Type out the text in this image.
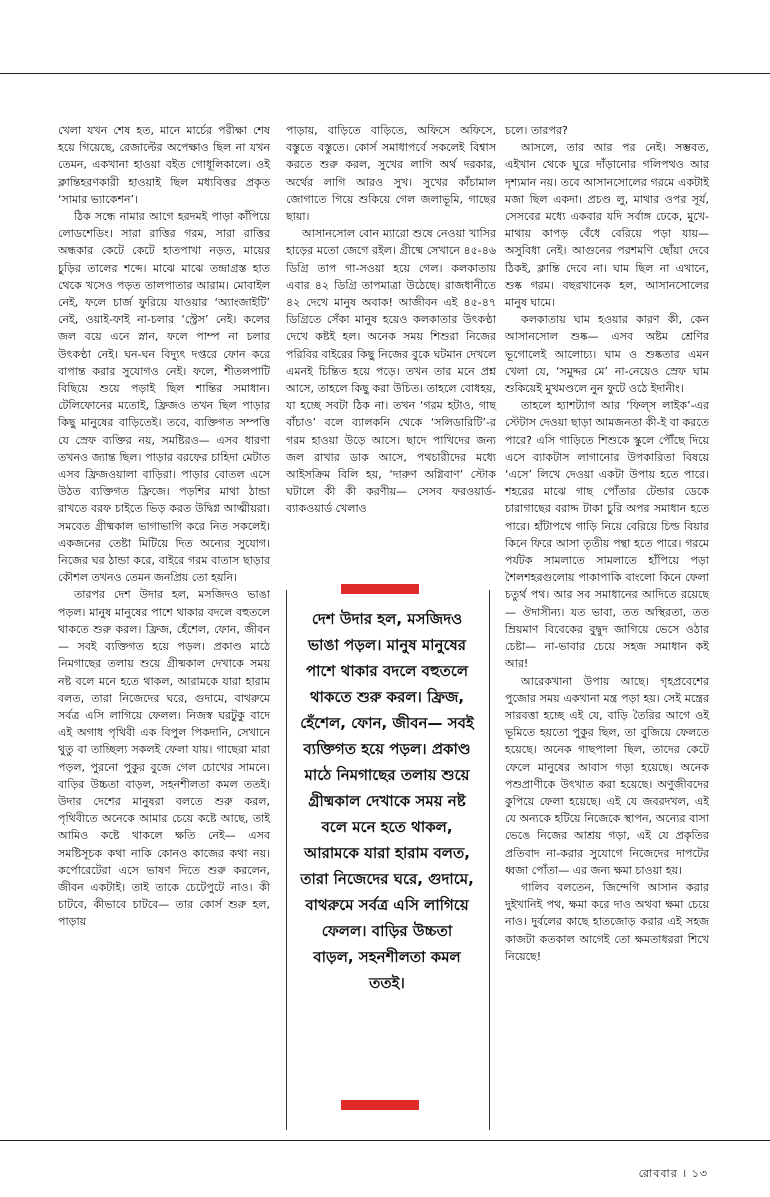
খেলা যখন শেষ হত, মানে মার্চের পরীক্ষা শেষ হয়ে গিয়েছে, রেজাল্টের অপেক্ষাও ছিল না যখন তেমন, একখানা হাওয়া বইত গোধূলিকালে। ওই ক্লান্তিহরণকারী হাওয়াই ছিল মধ্যবিত্তর প্রকৃত ‘সামার ভ্যাকেশন’।

ঠিক সন্ধে নামার আগে হরদমই পাড়া কাঁপিয়ে লোডশেডিং। সারা রাত্তির গরম, সারা রাত্তির অন্ধকার কেটে কেটে হাতপাখা নড়ত, মায়ের চুড়ির তালের শব্দে। মাঝে মাঝে তন্দ্রাগ্রস্ত হাত থেকে খসেও পড়ত তালপাতার আরাম। মোবাইল নেই, ফলে চার্জ ফুরিয়ে যাওয়ার ‘অ্যাংজাইটি’ নেই, ওয়াই-ফাই না-চলার ‘স্ট্রেস’ নেই। কলের জল বয়ে এনে স্নান, ফলে পাম্প না চলার উৎকণ্ঠা নেই। ঘন-ঘন বিদ্যুৎ দপ্তরে ফোন করে বাপান্ত করার সুযোগও নেই। ফলে, শীতলপাটি বিছিয়ে শুয়ে পড়াই ছিল শান্তির সমাধান। টেলিফোনের মতোই, ফ্রিজও তখন ছিল পাড়ার কিছু মানুষের বাড়িতেই। তবে, ব্যক্তিগত সম্পত্তি যে স্রেফ ব্যক্তির নয়, সমষ্টিরও— এসব ধারণা তখনও জ্যান্ত ছিল। পাড়ার বরফের চাহিদা মেটাত এসব ফ্রিজওয়ালা বাড়িরা। পাড়ার বোতল এসে উঠত ব্যক্তিগত ফ্রিজে। পড়শির মাথা ঠান্ডা রাখতে বরফ চাইতে ভিড় করত উদ্বিগ্ন আত্মীয়রা। সমবেত গ্রীষ্মকাল ভাগাভাগি করে নিত সকলেই। একজনের তেষ্টা মিটিয়ে দিত অন্যের সুযোগ। নিজের ঘর ঠান্ডা করে, বাইরে গরম বাতাস ছাড়ার কৌশল তখনও তেমন জনপ্রিয় তো হয়নি।

তারপর দেশ উদার হল, মসজিদও ভাঙা পড়ল। মানুষ মানুষের পাশে থাকার বদলে বহুতলে থাকতে শুরু করল। ফ্রিজ, হেঁশেল, ফোন, জীবন— সবই ব্যক্তিগত হয়ে পড়ল। প্রকাণ্ড মাঠে নিমগাছের তলায় শুয়ে গ্রীষ্মকাল দেখাকে সময় নষ্ট বলে মনে হতে থাকল, আরামকে যারা হারাম বলত, তারা নিজেদের ঘরে, গুদামে, বাথরুমে সর্বত্র এসি লাগিয়ে ফেলল। নিজস্ব ঘরটুকু বাদে এই অগাধ পৃথিবী এক বিপুল পিকদানি, সেখানে থুতু বা তাচ্ছিল্য সকলই ফেলা যায়। গাছেরা মারা পড়ল, পুরনো পুকুর বুজে গেল চোখের সামনে। বাড়ির উচ্চতা বাড়ল, সহনশীলতা কমল ততই। উদার দেশের মানুষরা বলতে শুরু করল, পৃথিবীতে অনেকে আমার চেয়ে কষ্টে আছে, তাই আমিও কষ্টে থাকলে ক্ষতি নেই— এসব সমষ্টিসূচক কথা নাকি কোনও কাজের কথা নয়। কর্পোরেটেরা এসে ভাষণ দিতে শুরু করলেন, জীবন একটাই। তাই তাকে চেটেপুটে নাও। কী চাটবে, কীভাবে চাটবে— তার কোর্স শুরু হল, পাড়ায়

পাড়ায়, বাড়িতে বাড়িতে, অফিসে অফিসে, বস্তুতে বস্তুতে। কোর্স সমাধাপর্বে সকলেই বিশ্বাস করতে শুরু করল, সুখের লাগি অর্থ দরকার, অর্থের লাগি আরও সুখ। সুখের কাঁচামাল জোগাতে গিয়ে শুকিয়ে গেল জলাভূমি, গাছের ছায়া।

আসানসোল বোন ম্যারো শুষে নেওয়া খাসির হাড়ের মতো জেগে রইল। গ্রীষ্মে সেখানে ৪৫-৪৬ ডিগ্রি তাপ গা-সওয়া হয়ে গেল। কলকাতায় এবার ৪২ ডিগ্রি তাপমাত্রা উঠেছে। রাজধানীতে ৪২ দেখে মানুষ অবাক! আজীবন এই ৪৫-৪৭ ডিগ্রিতে সেঁকা মানুষ হয়েও কলকাতার উৎকণ্ঠা দেখে কষ্টই হল। অনেক সময় শিশুরা নিজের পরিবির বাইরের কিছু নিজের বুকে ঘটমান দেখলে এমনই চিন্তিত হয়ে পড়ে। তখন তার মনে প্রশ্ন আসে, তাহলে কিছু করা উচিত। তাহলে বোধহয়, যা হচ্ছে সবটা ঠিক না। তখন ‘গরম হটাও, গাছ বাঁচাও’ বলে ব্যালকনি থেকে ‘সলিডারিটি’-র গরম হাওয়া উড়ে আসে। ছাদে পাখিদের জন্য জল রাখার ডাক আসে, পথচারীদের মধ্যে আইসক্রিম বিলি হয়, ‘দারুণ অগ্নিবাণ’ স্টোক ঘটালে কী কী করণীয়— সেসব ফরওয়ার্ড-ব্যাকওয়ার্ড খেলাও

দেশ উদার হল, মসজিদও ভাঙা পড়ল। মানুষ মানুষের পাশে থাকার বদলে বহুতলে থাকতে শুরু করল। ফ্রিজ, হেঁশেল, ফোন, জীবন— সবই ব্যক্তিগত হয়ে পড়ল। প্রকাণ্ড মাঠে নিমগাছের তলায় শুয়ে গ্রীষ্মকাল দেখাকে সময় নষ্ট বলে মনে হতে থাকল, আরামকে যারা হারাম বলত, তারা নিজেদের ঘরে, গুদামে, বাথরুমে সর্বত্র এসি লাগিয়ে ফেলল। বাড়ির উচ্চতা বাড়ল, সহনশীলতা কমল ততই।

চলে। তারপর?

আসলে, তার আর পর নেই। সম্ভবত, এইখান থেকে ঘুরে দাঁড়ানোর গলিপথও আর দৃশ্যমান নয়। তবে আসানসোলের গরমে একটাই মজা ছিল একদা। প্রচণ্ড লু, মাথার ওপর সূর্য, সেসবের মধ্যে একবার যদি সর্বাঙ্গ ঢেকে, মুখে-মাথায় কাপড় বেঁধে বেরিয়ে পড়া যায়— অসুবিধা নেই। আগুনের পরশমণি ছোঁয়া দেবে ঠিকই, ক্লান্তি দেবে না। ঘাম ছিল না এখানে, শুষ্ক গরম। বছরখানেক হল, আসানসোলের মানুষ ঘামে।

কলকাতায় ঘাম হওয়ার কারণ কী, কেন আসানসোল শুষ্ক— এসব অষ্টম শ্রেণির ভূগোলেই আলোচ্য। ঘাম ও শুষ্কতার এমন খেলা যে, ‘সমুদ্দর মে’ না-নেয়েও স্রেফ ঘাম শুকিয়েই মুখমণ্ডলে নুন ফুটে ওঠে ইদানীং।

তাহলে হ্যাশট্যাগ আর ‘ফিল্‌স লাইক’-এর স্টেটাস দেওয়া ছাড়া আমজনতা কী-ই বা করতে পারে? এসি গাড়িতে শিশুকে স্কুলে পৌঁছে দিয়ে এসে ব্যাকটাস লাগানোর উপকারিতা বিষয়ে ‘এসে’ লিখে দেওয়া একটা উপায় হতে পারে। শহরের মাঝে গাছ পোঁতার টেন্ডার ডেকে চারাগাছের বরাদ্দ টাকা চুরি অপর সমাধান হতে পারে। হাঁটাপথে গাড়ি নিয়ে বেরিয়ে চিল্ড বিয়ার কিনে ফিরে আসা তৃতীয় পন্থা হতে পারে। গরমে পর্যটক সামলাতে সামলাতে হাঁপিয়ে পড়া শৈলশহরগুলোয় পাকাপাকি বাংলো কিনে ফেলা চতুর্থ পথ। আর সব সমাধানের আদিতে রয়েছে— ঔদাসীন্য। যত ভাবা, তত অস্থিরতা, তত ম্রিয়মাণ বিবেকের বুদ্বুদ জাগিয়ে ভেসে ওঠার চেষ্টা— না-ভাবার চেয়ে সহজ সমাধান কই আর!

আরেকখানা উপায় আছে। গৃহপ্রবেশের পুজোর সময় একখানা মন্ত্র পড়া হয়। সেই মন্ত্রের সারবত্তা হচ্ছে এই যে, বাড়ি তৈরির আগে ওই ভূমিতে হয়তো পুকুর ছিল, তা বুজিয়ে ফেলতে হয়েছে। অনেক গাছপালা ছিল, তাদের কেটে ফেলে মানুষের আবাস গড়া হয়েছে। অনেক পশুপ্রাণীকে উৎখাত করা হয়েছে। অণুজীবদের কুপিয়ে ফেলা হয়েছে। এই যে জবরদখল, এই যে অন্যকে হটিয়ে নিজেকে স্থাপন, অন্যের বাসা ভেঙে নিজের আশ্রয় গড়া, এই যে প্রকৃতির প্রতিবাদ না-করার সুযোগে নিজেদের দাপটের ধ্বজা পোঁতা— এর জন্য ক্ষমা চাওয়া হয়।

গালিব বলতেন, জিন্দেগি আসান করার দুইখানিই পথ, ক্ষমা করে দাও অথবা ক্ষমা চেয়ে নাও। দুর্বলের কাছে হাতজোড় করার এই সহজ কাজটা কতকাল আগেই তো ক্ষমতাধররা শিখে নিয়েছে!

রোববার । ১৩
